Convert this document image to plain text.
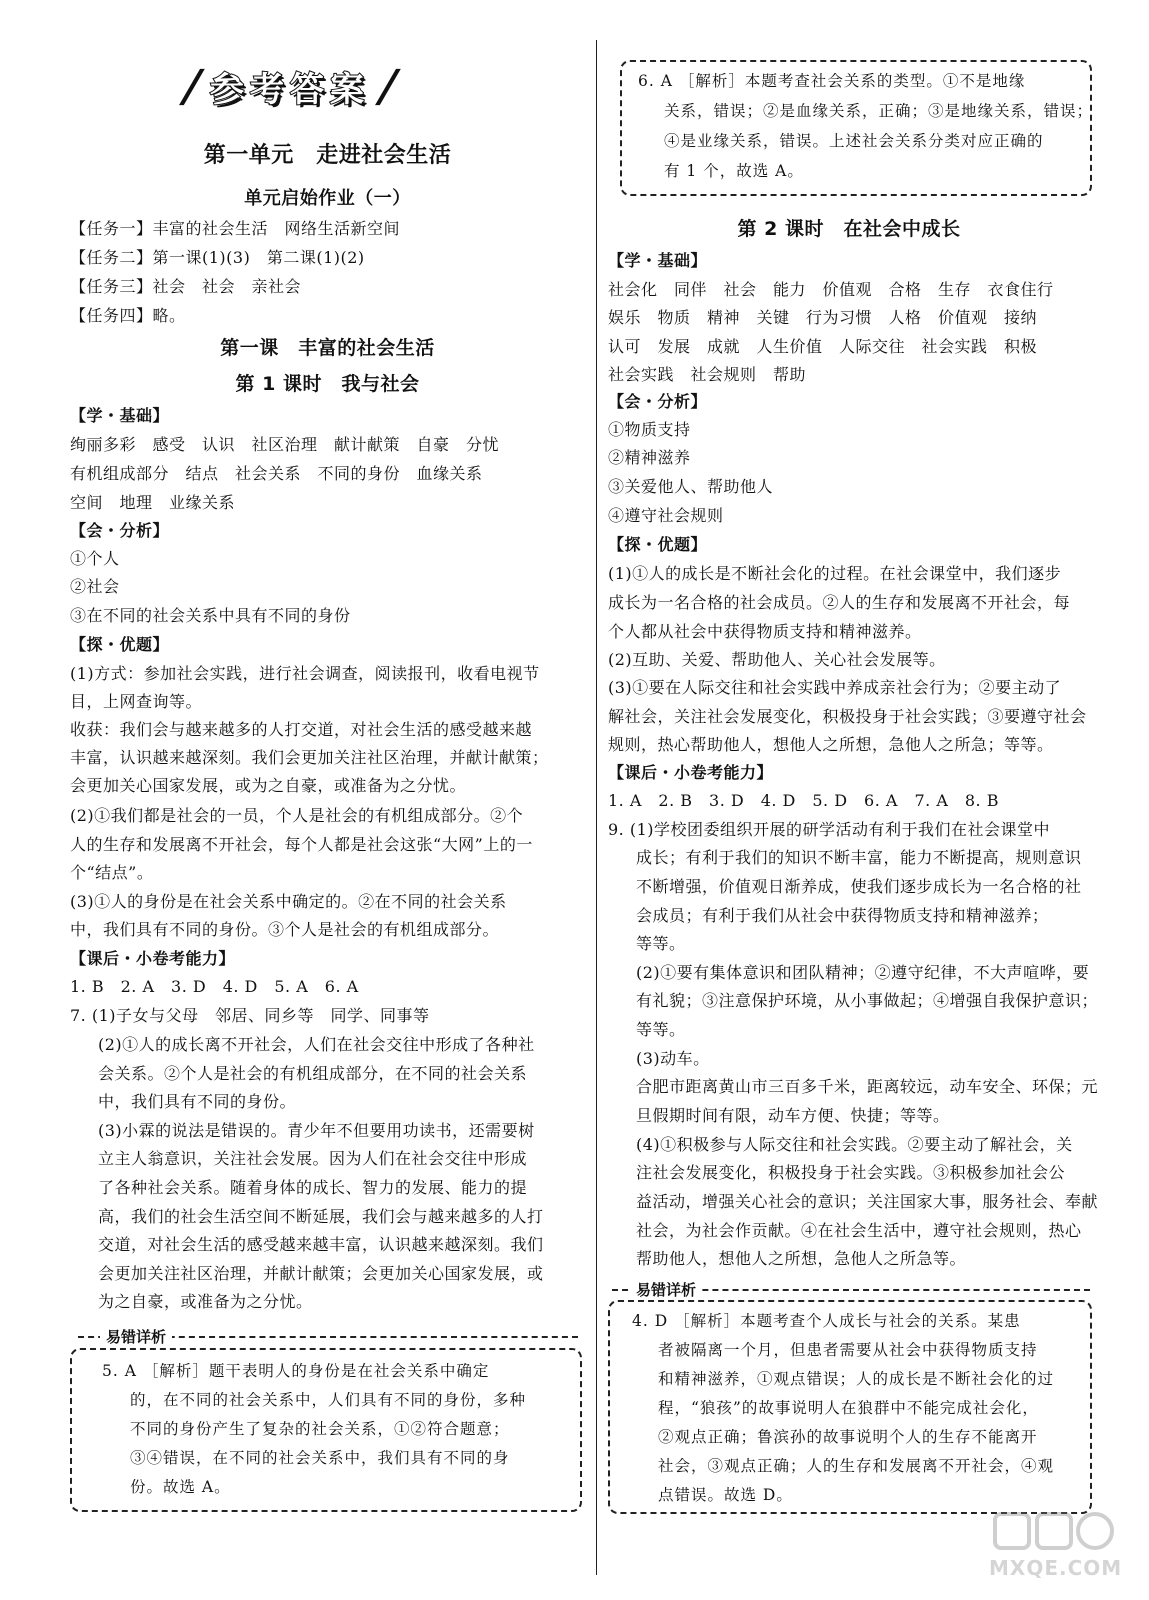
/ 参考答案 /
第一单元　走进社会生活
单元启始作业（一）
【任务一】丰富的社会生活　网络生活新空间
【任务二】第一课(1)(3)　第二课(1)(2)
【任务三】社会　社会　亲社会
【任务四】略。
第一课　丰富的社会生活
第 1 课时　我与社会
【学・基础】
绚丽多彩　感受　认识　社区治理　献计献策　自豪　分忧
有机组成部分　结点　社会关系　不同的身份　血缘关系
空间　地理　业缘关系
【会・分析】
①个人
②社会
③在不同的社会关系中具有不同的身份
【探・优题】
(1)方式：参加社会实践，进行社会调查，阅读报刊，收看电视节
目，上网查询等。
收获：我们会与越来越多的人打交道，对社会生活的感受越来越
丰富，认识越来越深刻。我们会更加关注社区治理，并献计献策；
会更加关心国家发展，或为之自豪，或准备为之分忧。
(2)①我们都是社会的一员，个人是社会的有机组成部分。②个
人的生存和发展离不开社会，每个人都是社会这张“大网”上的一
个“结点”。
(3)①人的身份是在社会关系中确定的。②在不同的社会关系
中，我们具有不同的身份。③个人是社会的有机组成部分。
【课后・小卷考能力】
1. B　2. A　3. D　4. D　5. A　6. A
7. (1)子女与父母　邻居、同乡等　同学、同事等
(2)①人的成长离不开社会，人们在社会交往中形成了各种社
会关系。②个人是社会的有机组成部分，在不同的社会关系
中，我们具有不同的身份。
(3)小霖的说法是错误的。青少年不但要用功读书，还需要树
立主人翁意识，关注社会发展。因为人们在社会交往中形成
了各种社会关系。随着身体的成长、智力的发展、能力的提
高，我们的社会生活空间不断延展，我们会与越来越多的人打
交道，对社会生活的感受越来越丰富，认识越来越深刻。我们
会更加关注社区治理，并献计献策；会更加关心国家发展，或
为之自豪，或准备为之分忧。
易错详析
5. A ［解析］题干表明人的身份是在社会关系中确定
的，在不同的社会关系中，人们具有不同的身份，多种
不同的身份产生了复杂的社会关系，①②符合题意；
③④错误，在不同的社会关系中，我们具有不同的身
份。故选 A。
6. A ［解析］本题考查社会关系的类型。①不是地缘
关系，错误；②是血缘关系，正确；③是地缘关系，错误；
④是业缘关系，错误。上述社会关系分类对应正确的
有 1 个，故选 A。
第 2 课时　在社会中成长
【学・基础】
社会化　同伴　社会　能力　价值观　合格　生存　衣食住行
娱乐　物质　精神　关键　行为习惯　人格　价值观　接纳
认可　发展　成就　人生价值　人际交往　社会实践　积极
社会实践　社会规则　帮助
【会・分析】
①物质支持
②精神滋养
③关爱他人、帮助他人
④遵守社会规则
【探・优题】
(1)①人的成长是不断社会化的过程。在社会课堂中，我们逐步
成长为一名合格的社会成员。②人的生存和发展离不开社会，每
个人都从社会中获得物质支持和精神滋养。
(2)互助、关爱、帮助他人、关心社会发展等。
(3)①要在人际交往和社会实践中养成亲社会行为；②要主动了
解社会，关注社会发展变化，积极投身于社会实践；③要遵守社会
规则，热心帮助他人，想他人之所想，急他人之所急；等等。
【课后・小卷考能力】
1. A　2. B　3. D　4. D　5. D　6. A　7. A　8. B
9. (1)学校团委组织开展的研学活动有利于我们在社会课堂中
成长；有利于我们的知识不断丰富，能力不断提高，规则意识
不断增强，价值观日渐养成，使我们逐步成长为一名合格的社
会成员；有利于我们从社会中获得物质支持和精神滋养；
等等。
(2)①要有集体意识和团队精神；②遵守纪律，不大声喧哗，要
有礼貌；③注意保护环境，从小事做起；④增强自我保护意识；
等等。
(3)动车。
合肥市距离黄山市三百多千米，距离较远，动车安全、环保；元
旦假期时间有限，动车方便、快捷；等等。
(4)①积极参与人际交往和社会实践。②要主动了解社会，关
注社会发展变化，积极投身于社会实践。③积极参加社会公
益活动，增强关心社会的意识；关注国家大事，服务社会、奉献
社会，为社会作贡献。④在社会生活中，遵守社会规则，热心
帮助他人，想他人之所想，急他人之所急等。
易错详析
4. D ［解析］本题考查个人成长与社会的关系。某患
者被隔离一个月，但患者需要从社会中获得物质支持
和精神滋养，①观点错误；人的成长是不断社会化的过
程，“狼孩”的故事说明人在狼群中不能完成社会化，
②观点正确；鲁滨孙的故事说明个人的生存不能离开
社会，③观点正确；人的生存和发展离不开社会，④观
点错误。故选 D。
MXQE.COM
